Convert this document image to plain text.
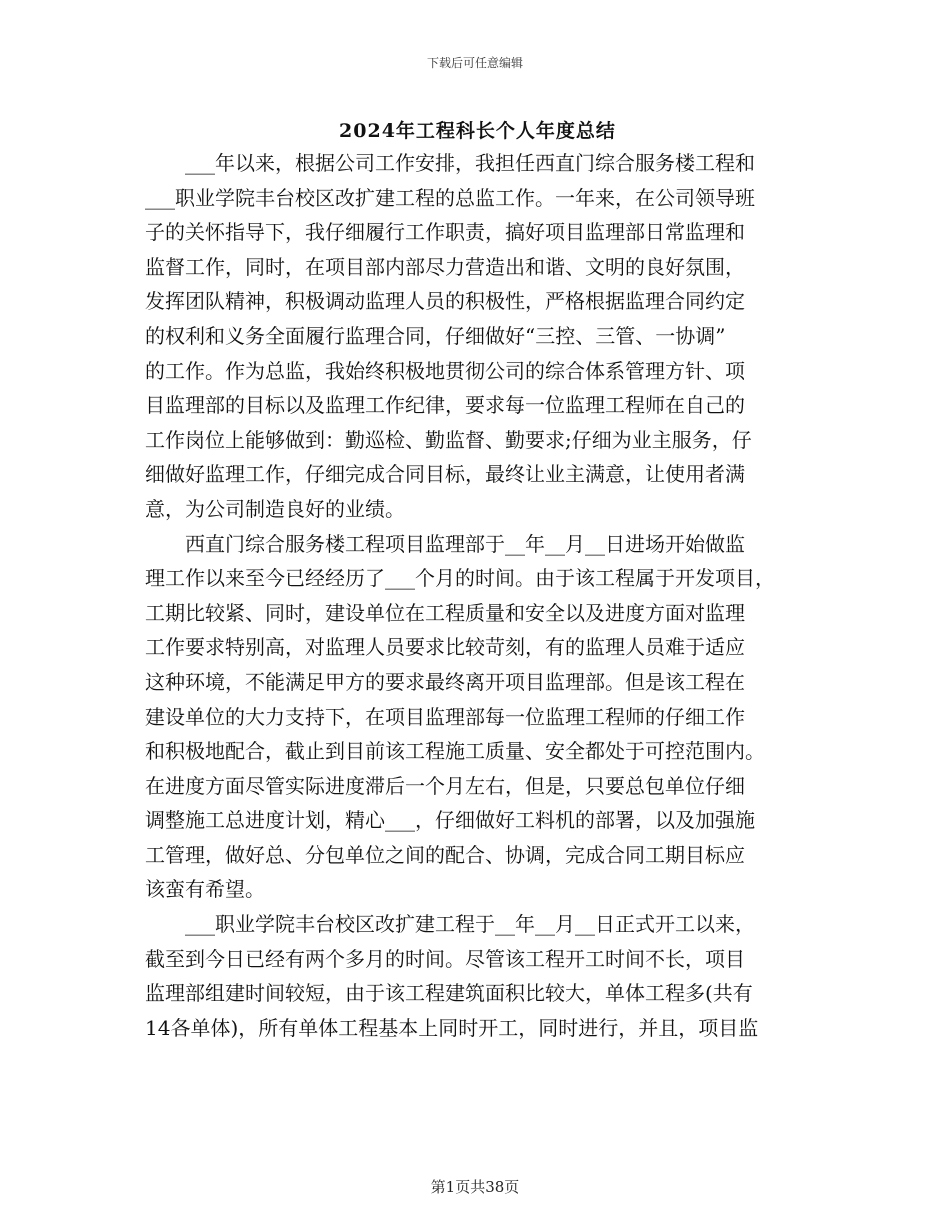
下载后可任意编辑
2024年工程科长个人年度总结
___年以来，根据公司工作安排，我担任西直门综合服务楼工程和
___职业学院丰台校区改扩建工程的总监工作。一年来，在公司领导班
子的关怀指导下，我仔细履行工作职责，搞好项目监理部日常监理和
监督工作，同时，在项目部内部尽力营造出和谐、文明的良好氛围，
发挥团队精神，积极调动监理人员的积极性，严格根据监理合同约定
的权利和义务全面履行监理合同，仔细做好“三控、三管、一协调”
的工作。作为总监，我始终积极地贯彻公司的综合体系管理方针、项
目监理部的目标以及监理工作纪律，要求每一位监理工程师在自己的
工作岗位上能够做到：勤巡检、勤监督、勤要求;仔细为业主服务，仔
细做好监理工作，仔细完成合同目标，最终让业主满意，让使用者满
意，为公司制造良好的业绩。
西直门综合服务楼工程项目监理部于__年__月__日进场开始做监
理工作以来至今已经经历了___个月的时间。由于该工程属于开发项目，
工期比较紧、同时，建设单位在工程质量和安全以及进度方面对监理
工作要求特别高，对监理人员要求比较苛刻，有的监理人员难于适应
这种环境，不能满足甲方的要求最终离开项目监理部。但是该工程在
建设单位的大力支持下，在项目监理部每一位监理工程师的仔细工作
和积极地配合，截止到目前该工程施工质量、安全都处于可控范围内。
在进度方面尽管实际进度滞后一个月左右，但是，只要总包单位仔细
调整施工总进度计划，精心___，仔细做好工料机的部署，以及加强施
工管理，做好总、分包单位之间的配合、协调，完成合同工期目标应
该蛮有希望。
___职业学院丰台校区改扩建工程于__年__月__日正式开工以来，
截至到今日已经有两个多月的时间。尽管该工程开工时间不长，项目
监理部组建时间较短，由于该工程建筑面积比较大，单体工程多(共有
14各单体)，所有单体工程基本上同时开工，同时进行，并且，项目监
第1页共38页
